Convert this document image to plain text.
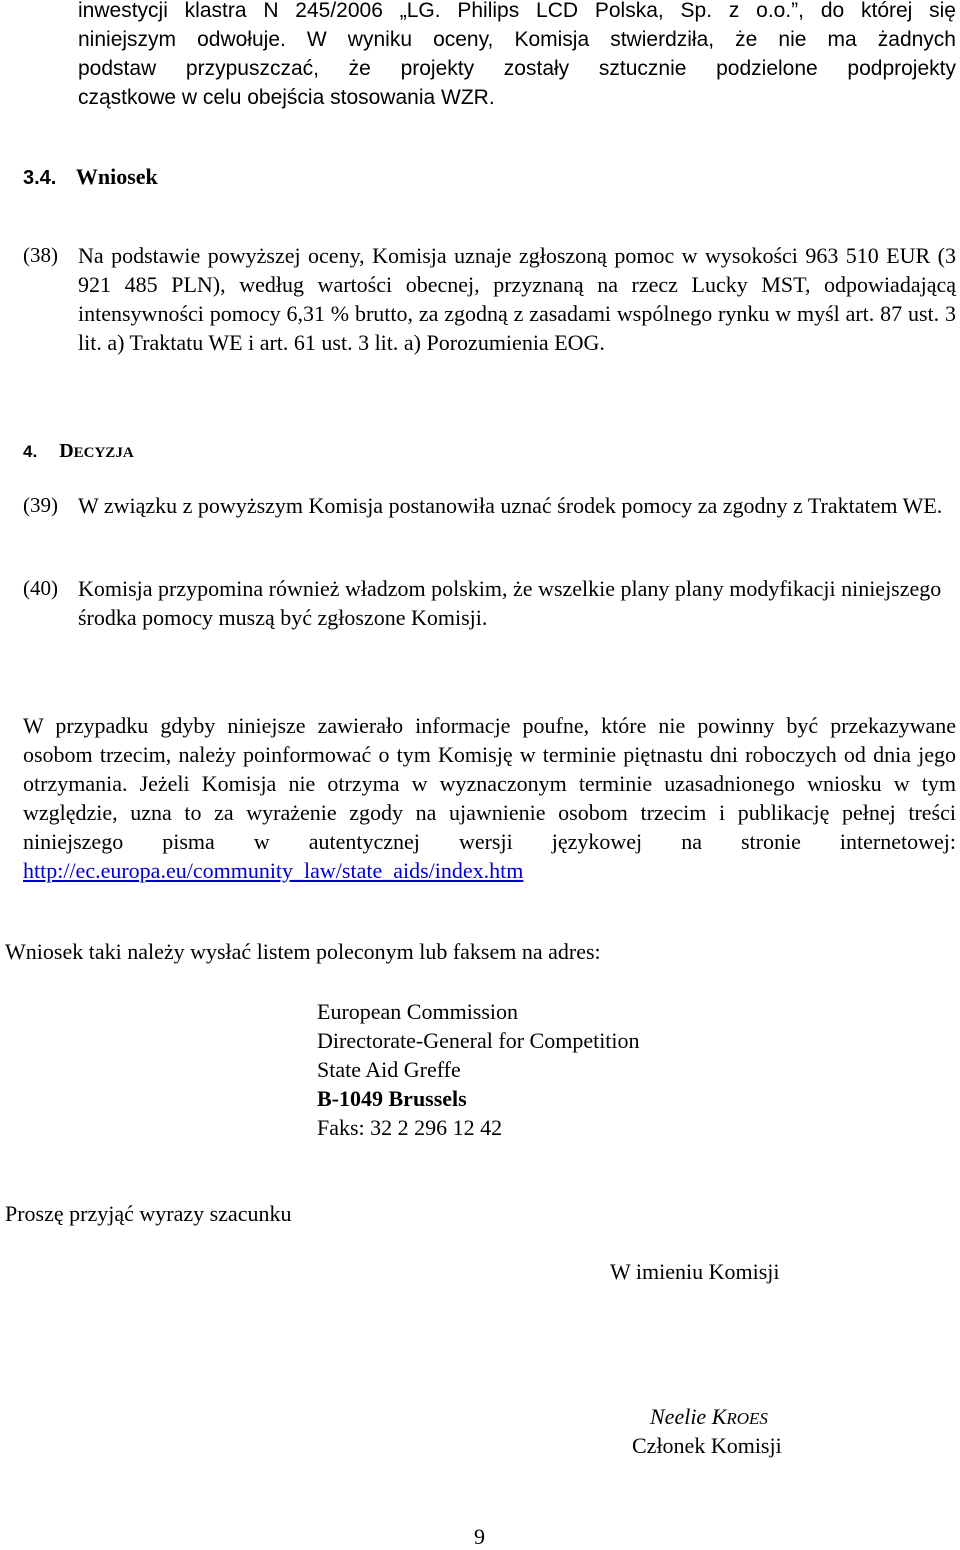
inwestycji klastra N 245/2006 „LG. Philips LCD Polska, Sp. z o.o.”, do której się
niniejszym odwołuje. W wyniku oceny, Komisja stwierdziła, że nie ma żadnych
podstaw przypuszczać, że projekty zostały sztucznie podzielone podprojekty
cząstkowe w celu obejścia stosowania WZR.
3.4. Wniosek
(38) Na podstawie powyższej oceny, Komisja uznaje zgłoszoną pomoc w wysokości 963 510 EUR (3 921 485 PLN), według wartości obecnej, przyznaną na rzecz Lucky MST, odpowiadającą intensywności pomocy 6,31 % brutto, za zgodną z zasadami wspólnego rynku w myśl art. 87 ust. 3 lit. a) Traktatu WE i art. 61 ust. 3 lit. a) Porozumienia EOG.
4. DECYZJA
(39) W związku z powyższym Komisja postanowiła uznać środek pomocy za zgodny z Traktatem WE.
(40) Komisja przypomina również władzom polskim, że wszelkie plany plany modyfikacji niniejszego środka pomocy muszą być zgłoszone Komisji.
W przypadku gdyby niniejsze zawierało informacje poufne, które nie powinny być przekazywane osobom trzecim, należy poinformować o tym Komisję w terminie piętnastu dni roboczych od dnia jego otrzymania. Jeżeli Komisja nie otrzyma w wyznaczonym terminie uzasadnionego wniosku w tym względzie, uzna to za wyrażenie zgody na ujawnienie osobom trzecim i publikację pełnej treści niniejszego pisma w autentycznej wersji językowej na stronie internetowej: http://ec.europa.eu/community_law/state_aids/index.htm
Wniosek taki należy wysłać listem poleconym lub faksem na adres:
European Commission
Directorate-General for Competition
State Aid Greffe
B-1049 Brussels
Faks: 32 2 296 12 42
Proszę przyjąć wyrazy szacunku
W imieniu Komisji
Neelie KROES
Członek Komisji
9
